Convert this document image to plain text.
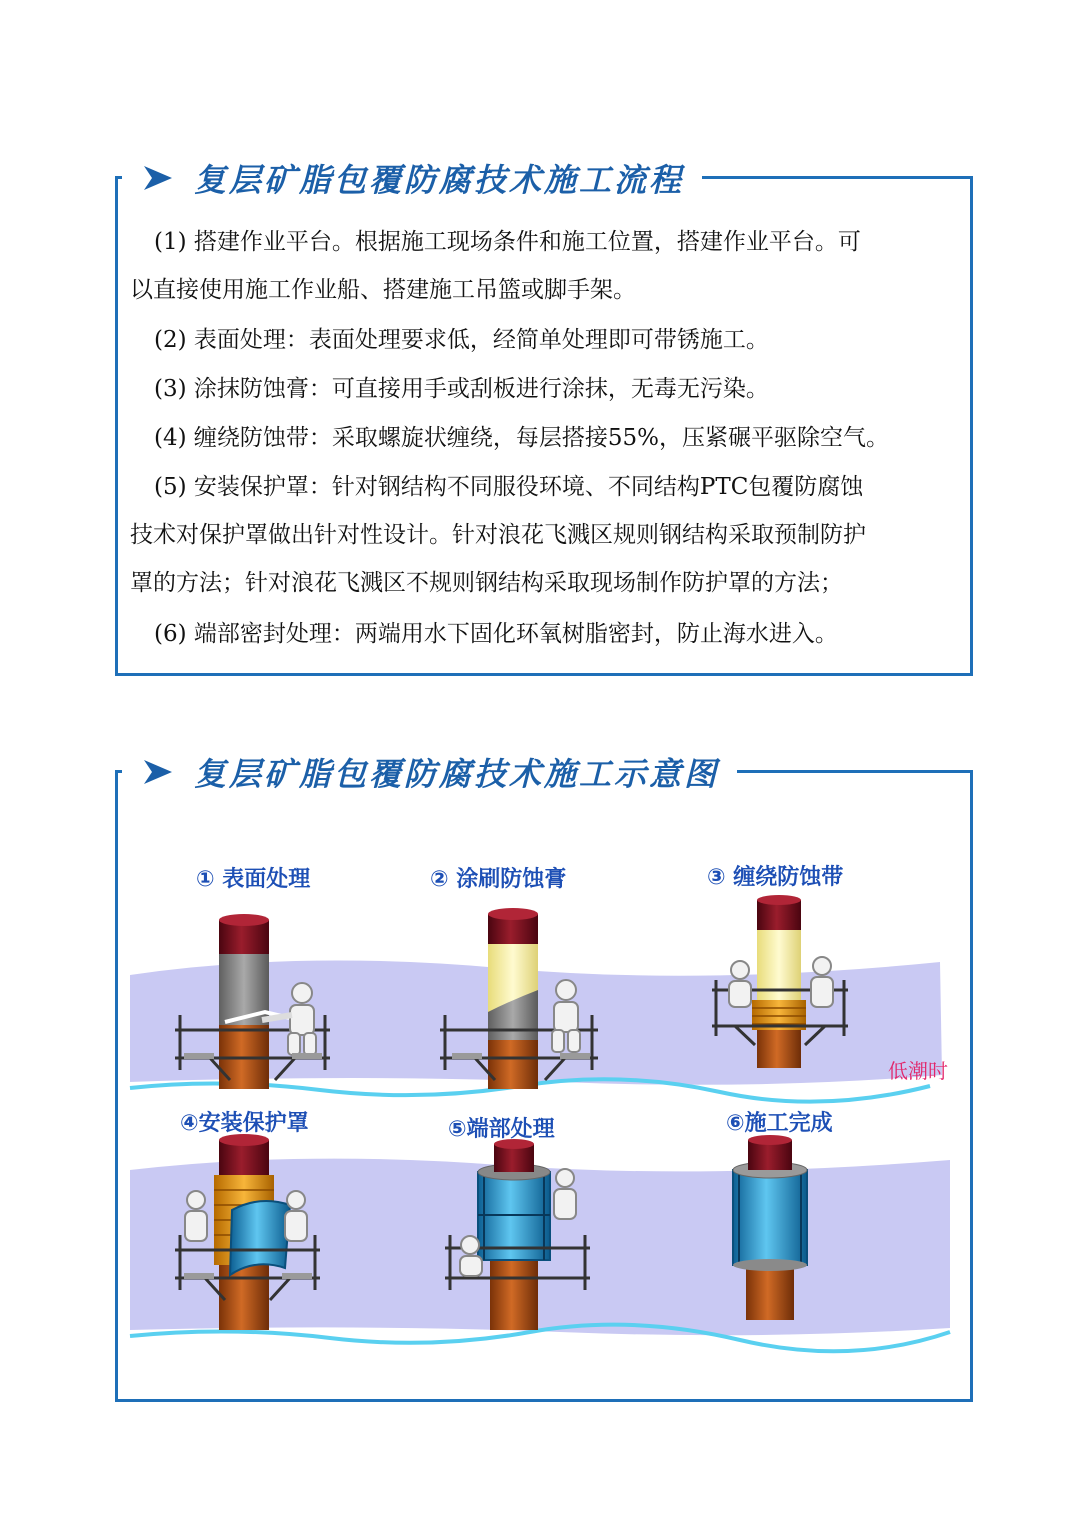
复层矿脂包覆防腐技术施工流程
(1) 搭建作业平台。根据施工现场条件和施工位置，搭建作业平台。可
以直接使用施工作业船、搭建施工吊篮或脚手架。
(2) 表面处理：表面处理要求低，经简单处理即可带锈施工。
(3) 涂抹防蚀膏：可直接用手或刮板进行涂抹，无毒无污染。
(4) 缠绕防蚀带：采取螺旋状缠绕，每层搭接55%，压紧碾平驱除空气。
(5) 安装保护罩：针对钢结构不同服役环境、不同结构PTC包覆防腐蚀
技术对保护罩做出针对性设计。针对浪花飞溅区规则钢结构采取预制防护
罩的方法；针对浪花飞溅区不规则钢结构采取现场制作防护罩的方法；
(6) 端部密封处理：两端用水下固化环氧树脂密封，防止海水进入。
复层矿脂包覆防腐技术施工示意图
① 表面处理	② 涂刷防蚀膏	③ 缠绕防蚀带
④安装保护罩	⑤端部处理	⑥施工完成
低潮时
